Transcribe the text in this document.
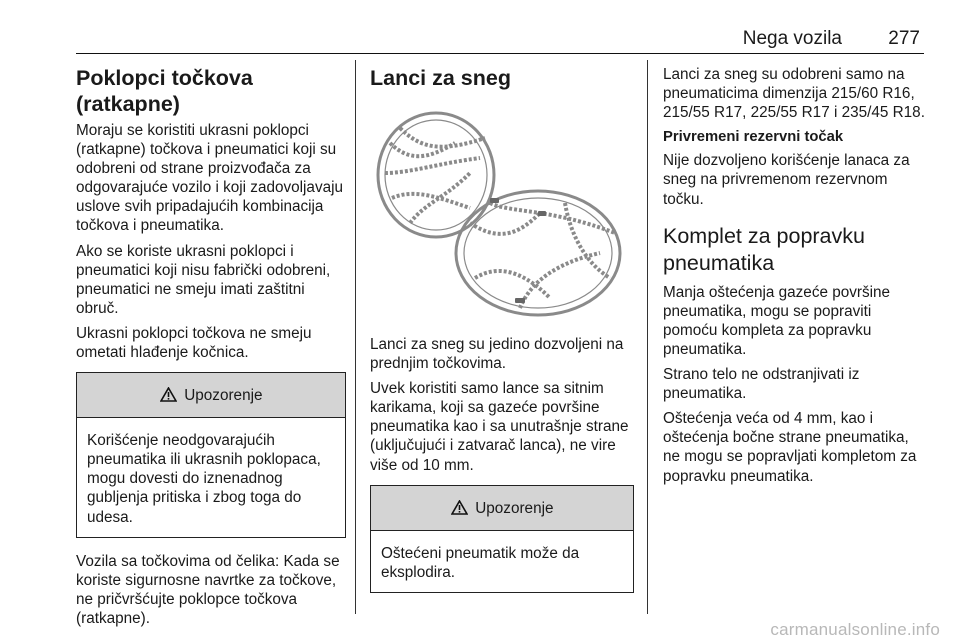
Nega vozila 277
Poklopci točkova (ratkapne)

Moraju se koristiti ukrasni poklopci (ratkapne) točkova i pneumatici koji su odobreni od strane proizvođača za odgovarajuće vozilo i koji zadovoljavaju uslove svih pripadajućih kombinacija točkova i pneumatika.

Ako se koriste ukrasni poklopci i pneumatici koji nisu fabrički odobreni, pneumatici ne smeju imati zaštitni obruč.

Ukrasni poklopci točkova ne smeju ometati hlađenje kočnica.

Upozorenje

Korišćenje neodgovarajućih pneumatika ili ukrasnih poklopaca, mogu dovesti do iznenadnog gubljenja pritiska i zbog toga do udesa.

Vozila sa točkovima od čelika: Kada se koriste sigurnosne navrtke za točkove, ne pričvršćujte poklopce točkova (ratkapne).

Lanci za sneg

Lanci za sneg su jedino dozvoljeni na prednjim točkovima.

Uvek koristiti samo lance sa sitnim karikama, koji sa gazeće površine pneumatika kao i sa unutrašnje strane (uključujući i zatvarač lanca), ne vire više od 10 mm.

Upozorenje

Oštećeni pneumatik može da eksplodira.

Lanci za sneg su odobreni samo na pneumaticima dimenzija 215/60 R16, 215/55 R17, 225/55 R17 i 235/45 R18.

Privremeni rezervni točak

Nije dozvoljeno korišćenje lanaca za sneg na privremenom rezervnom točku.

Komplet za popravku pneumatika

Manja oštećenja gazeće površine pneumatika, mogu se popraviti pomoću kompleta za popravku pneumatika.

Strano telo ne odstranjivati iz pneumatika.

Oštećenja veća od 4 mm, kao i oštećenja bočne strane pneumatika, ne mogu se popravljati kompletom za popravku pneumatika.

carmanualsonline.info
